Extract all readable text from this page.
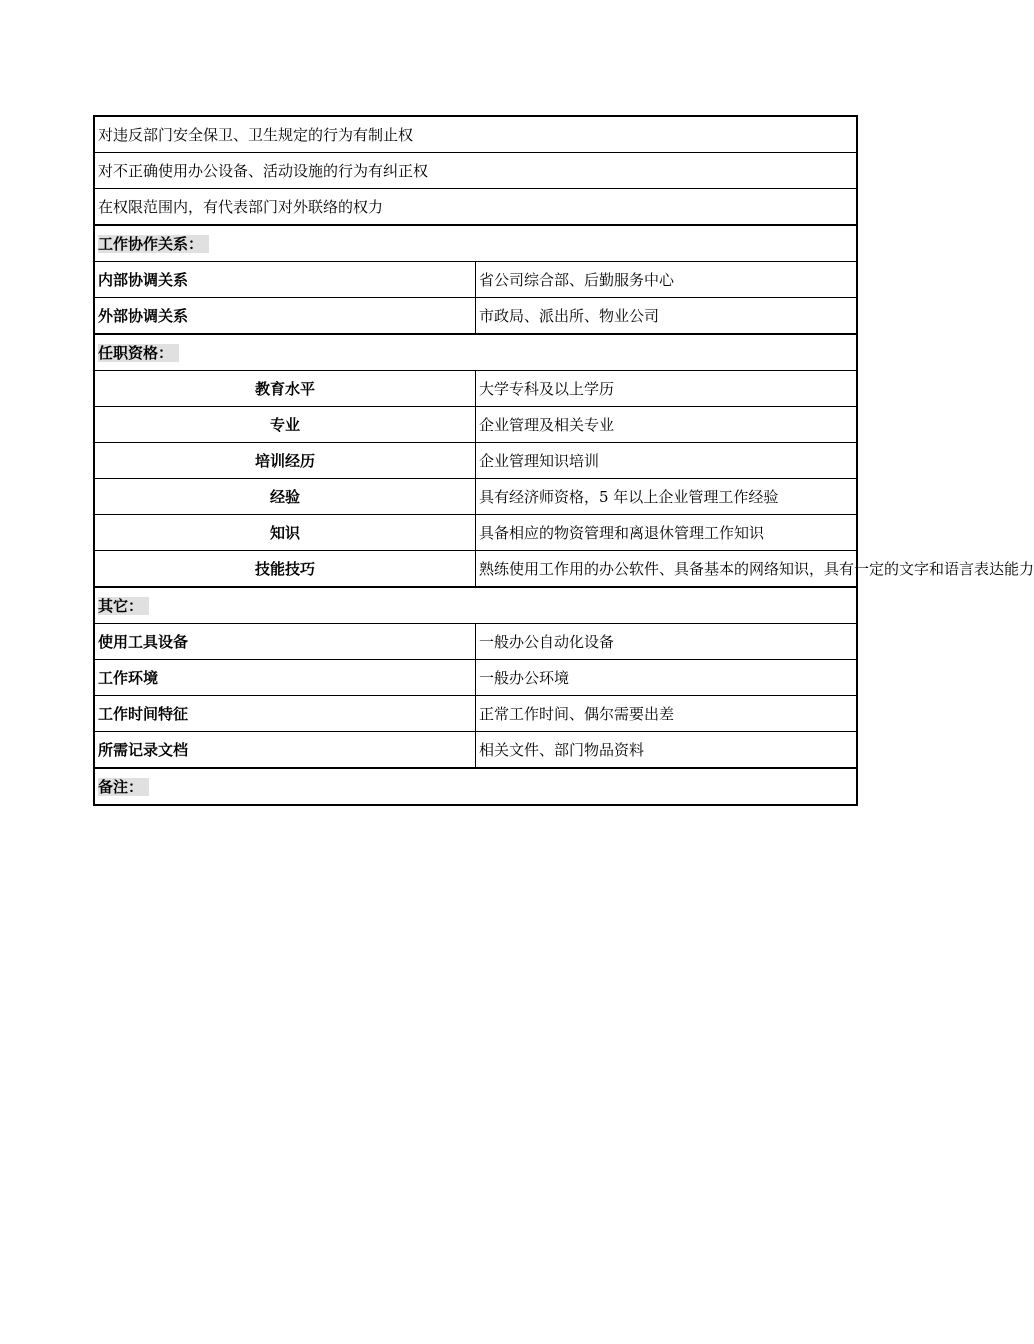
对违反部门安全保卫、卫生规定的行为有制止权	
对不正确使用办公设备、活动设施的行为有纠正权	
在权限范围内，有代表部门对外联络的权力	
工作协作关系：	
内部协调关系	省公司综合部、后勤服务中心
外部协调关系	市政局、派出所、物业公司
任职资格：	
教育水平	大学专科及以上学历
专业	企业管理及相关专业
培训经历	企业管理知识培训
经验	具有经济师资格，5 年以上企业管理工作经验
知识	具备相应的物资管理和离退休管理工作知识
技能技巧	熟练使用工作用的办公软件、具备基本的网络知识，具有一定的文字和语言表达能力
其它：	
使用工具设备	一般办公自动化设备
工作环境	一般办公环境
工作时间特征	正常工作时间、偶尔需要出差
所需记录文档	相关文件、部门物品资料
备注：	
